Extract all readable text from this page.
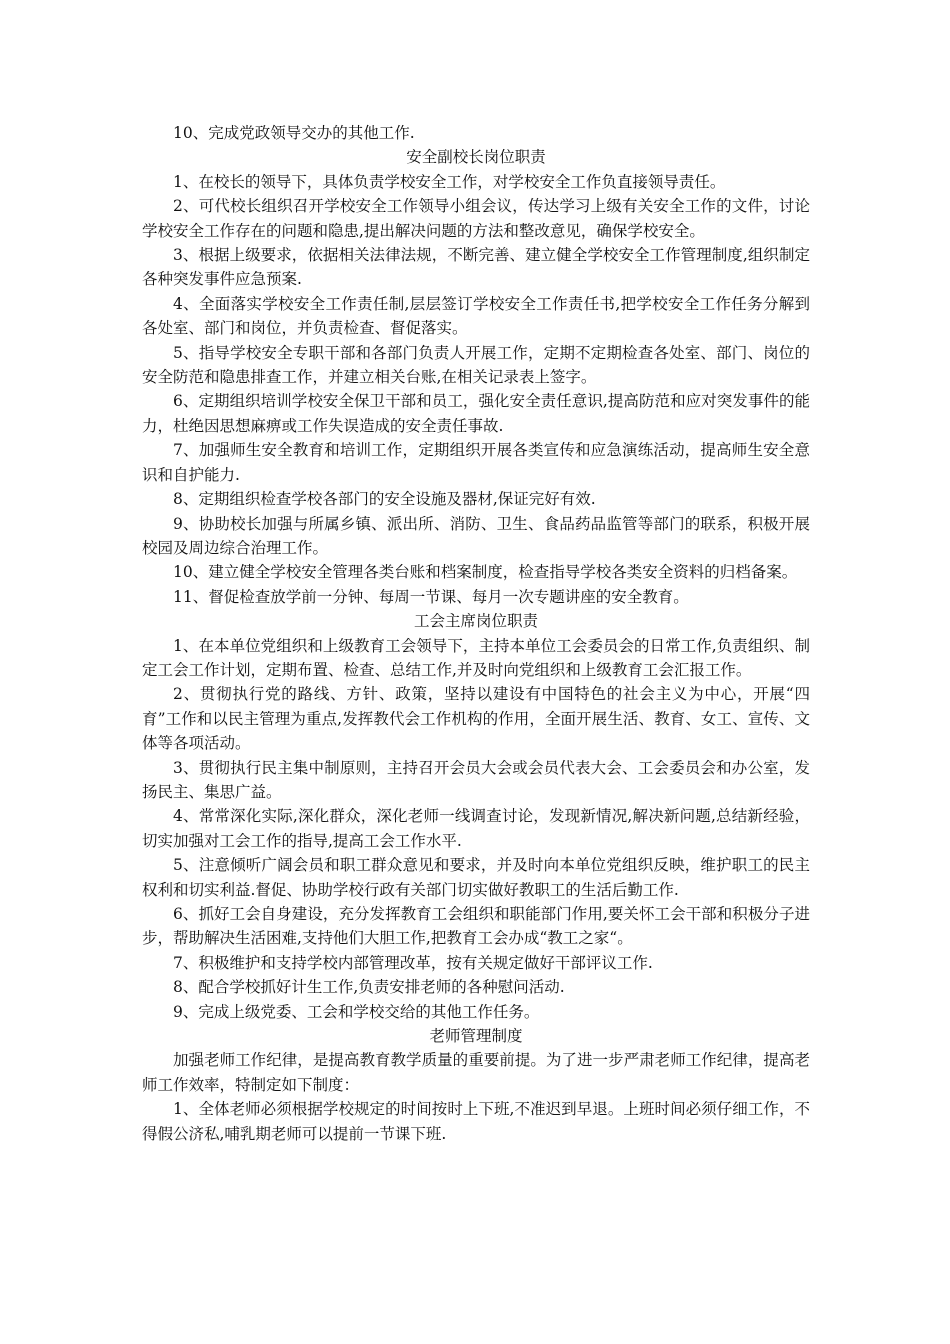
10、完成党政领导交办的其他工作.

安全副校长岗位职责

1、在校长的领导下，具体负责学校安全工作，对学校安全工作负直接领导责任。

2、可代校长组织召开学校安全工作领导小组会议，传达学习上级有关安全工作的文件，讨论学校安全工作存在的问题和隐患,提出解决问题的方法和整改意见，确保学校安全。

3、根据上级要求，依据相关法律法规，不断完善、建立健全学校安全工作管理制度,组织制定各种突发事件应急预案.

4、全面落实学校安全工作责任制,层层签订学校安全工作责任书,把学校安全工作任务分解到各处室、部门和岗位，并负责检查、督促落实。

5、指导学校安全专职干部和各部门负责人开展工作，定期不定期检查各处室、部门、岗位的安全防范和隐患排查工作，并建立相关台账,在相关记录表上签字。

6、定期组织培训学校安全保卫干部和员工，强化安全责任意识,提高防范和应对突发事件的能力，杜绝因思想麻痹或工作失误造成的安全责任事故.

7、加强师生安全教育和培训工作，定期组织开展各类宣传和应急演练活动，提高师生安全意识和自护能力.

8、定期组织检查学校各部门的安全设施及器材,保证完好有效.

9、协助校长加强与所属乡镇、派出所、消防、卫生、食品药品监管等部门的联系，积极开展校园及周边综合治理工作。

10、建立健全学校安全管理各类台账和档案制度，检查指导学校各类安全资料的归档备案。

11、督促检查放学前一分钟、每周一节课、每月一次专题讲座的安全教育。

工会主席岗位职责

1、在本单位党组织和上级教育工会领导下，主持本单位工会委员会的日常工作,负责组织、制定工会工作计划，定期布置、检查、总结工作,并及时向党组织和上级教育工会汇报工作。

2、贯彻执行党的路线、方针、政策，坚持以建设有中国特色的社会主义为中心，开展“四育”工作和以民主管理为重点,发挥教代会工作机构的作用，全面开展生活、教育、女工、宣传、文体等各项活动。

3、贯彻执行民主集中制原则，主持召开会员大会或会员代表大会、工会委员会和办公室，发扬民主、集思广益。

4、常常深化实际,深化群众，深化老师一线调查讨论，发现新情况,解决新问题,总结新经验，切实加强对工会工作的指导,提高工会工作水平.

5、注意倾听广阔会员和职工群众意见和要求，并及时向本单位党组织反映，维护职工的民主权利和切实利益.督促、协助学校行政有关部门切实做好教职工的生活后勤工作.

6、抓好工会自身建设，充分发挥教育工会组织和职能部门作用,要关怀工会干部和积极分子进步，帮助解决生活困难,支持他们大胆工作,把教育工会办成“教工之家“。

7、积极维护和支持学校内部管理改革，按有关规定做好干部评议工作.

8、配合学校抓好计生工作,负责安排老师的各种慰问活动.

9、完成上级党委、工会和学校交给的其他工作任务。

老师管理制度

加强老师工作纪律，是提高教育教学质量的重要前提。为了进一步严肃老师工作纪律，提高老师工作效率，特制定如下制度：

1、全体老师必须根据学校规定的时间按时上下班,不准迟到早退。上班时间必须仔细工作，不得假公济私,哺乳期老师可以提前一节课下班.
